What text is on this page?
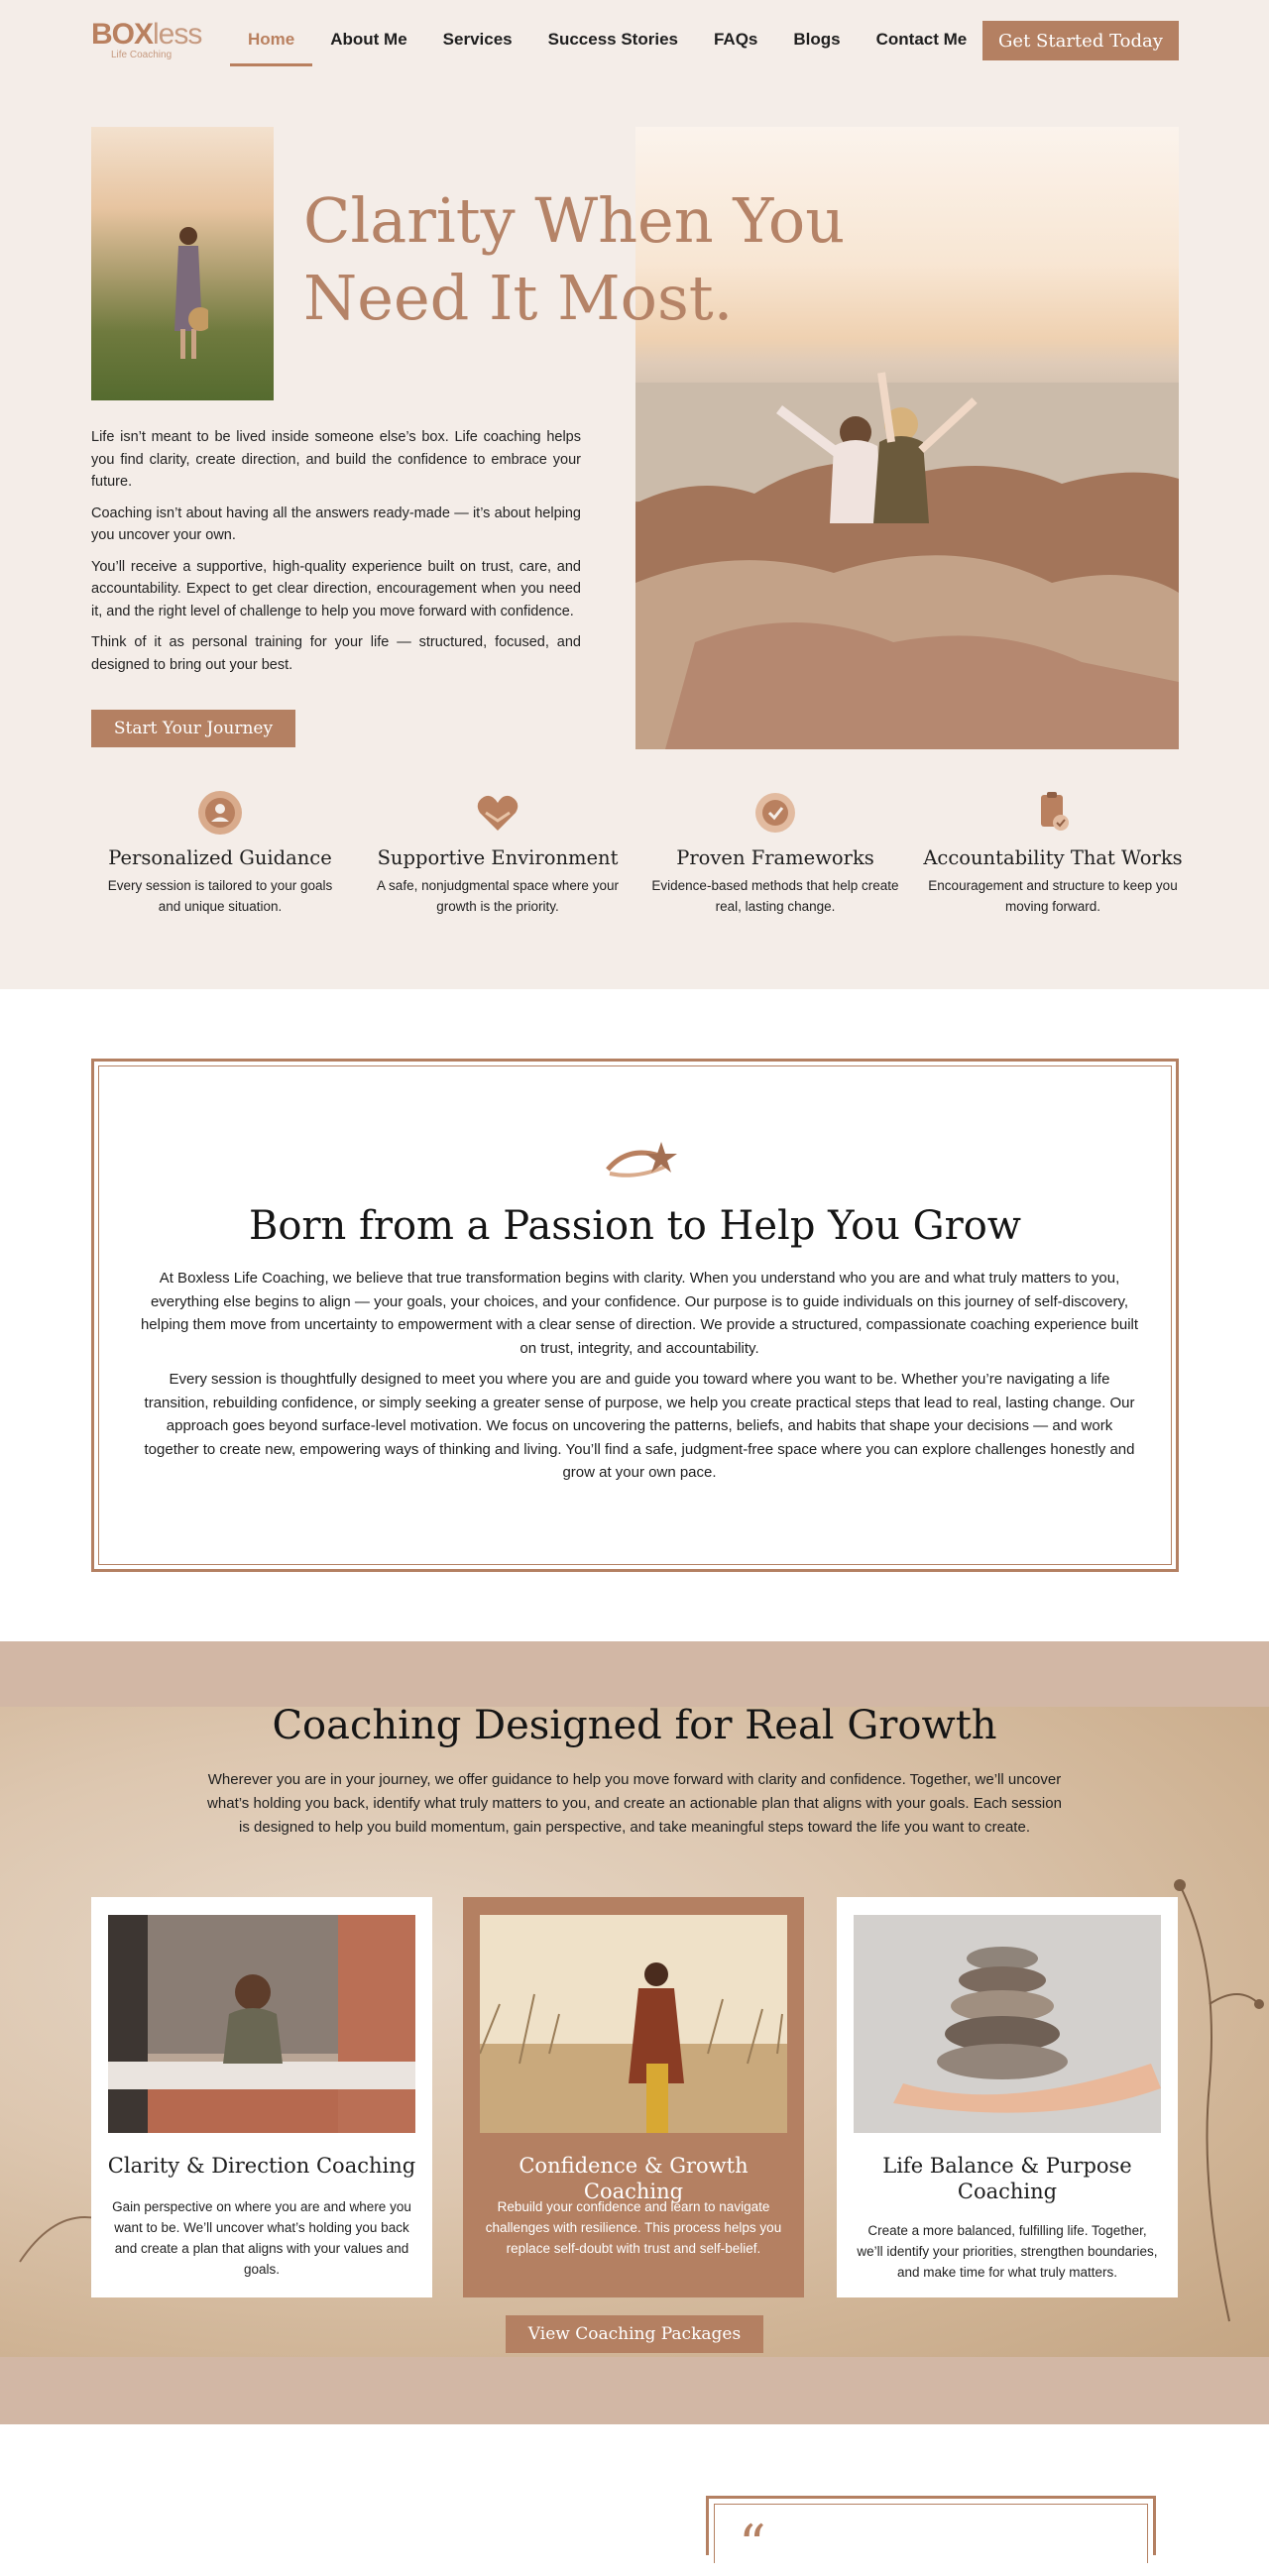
BOXless
Life Coaching
Home	About Me	Services	Success Stories	FAQs	Blogs	Contact Me	Get Started Today
Clarity When You
Need It Most.

Life isn’t meant to be lived inside someone else’s box. Life coaching helps you find clarity, create direction, and build the confidence to embrace your future.

Coaching isn’t about having all the answers ready-made — it’s about helping you uncover your own.

You’ll receive a supportive, high-quality experience built on trust, care, and accountability. Expect to get clear direction, encouragement when you need it, and the right level of challenge to help you move forward with confidence.

Think of it as personal training for your life — structured, focused, and designed to bring out your best.

Start Your Journey
Personalized Guidance

Every session is tailored to your goals and unique situation.

Supportive Environment

A safe, nonjudgmental space where your growth is the priority.

Proven Frameworks

Evidence-based methods that help create real, lasting change.

Accountability That Works

Encouragement and structure to keep you moving forward.

Born from a Passion to Help You Grow

At Boxless Life Coaching, we believe that true transformation begins with clarity. When you understand who you are and what truly matters to you, everything else begins to align — your goals, your choices, and your confidence. Our purpose is to guide individuals on this journey of self-discovery, helping them move from uncertainty to empowerment with a clear sense of direction. We provide a structured, compassionate coaching experience built on trust, integrity, and accountability.

Every session is thoughtfully designed to meet you where you are and guide you toward where you want to be. Whether you’re navigating a life transition, rebuilding confidence, or simply seeking a greater sense of purpose, we help you create practical steps that lead to real, lasting change. Our approach goes beyond surface-level motivation. We focus on uncovering the patterns, beliefs, and habits that shape your decisions — and work together to create new, empowering ways of thinking and living. You’ll find a safe, judgment-free space where you can explore challenges honestly and grow at your own pace.

Coaching Designed for Real Growth

Wherever you are in your journey, we offer guidance to help you move forward with clarity and confidence. Together, we’ll uncover what’s holding you back, identify what truly matters to you, and create an actionable plan that aligns with your goals. Each session is designed to help you build momentum, gain perspective, and take meaningful steps toward the life you want to create.

Clarity & Direction Coaching

Gain perspective on where you are and where you want to be. We’ll uncover what’s holding you back and create a plan that aligns with your values and goals.

Confidence & Growth Coaching

Rebuild your confidence and learn to navigate challenges with resilience. This process helps you replace self-doubt with trust and self-belief.

Life Balance & Purpose Coaching

Create a more balanced, fulfilling life. Together, we’ll identify your priorities, strengthen boundaries, and make time for what truly matters.

View Coaching Packages
“
